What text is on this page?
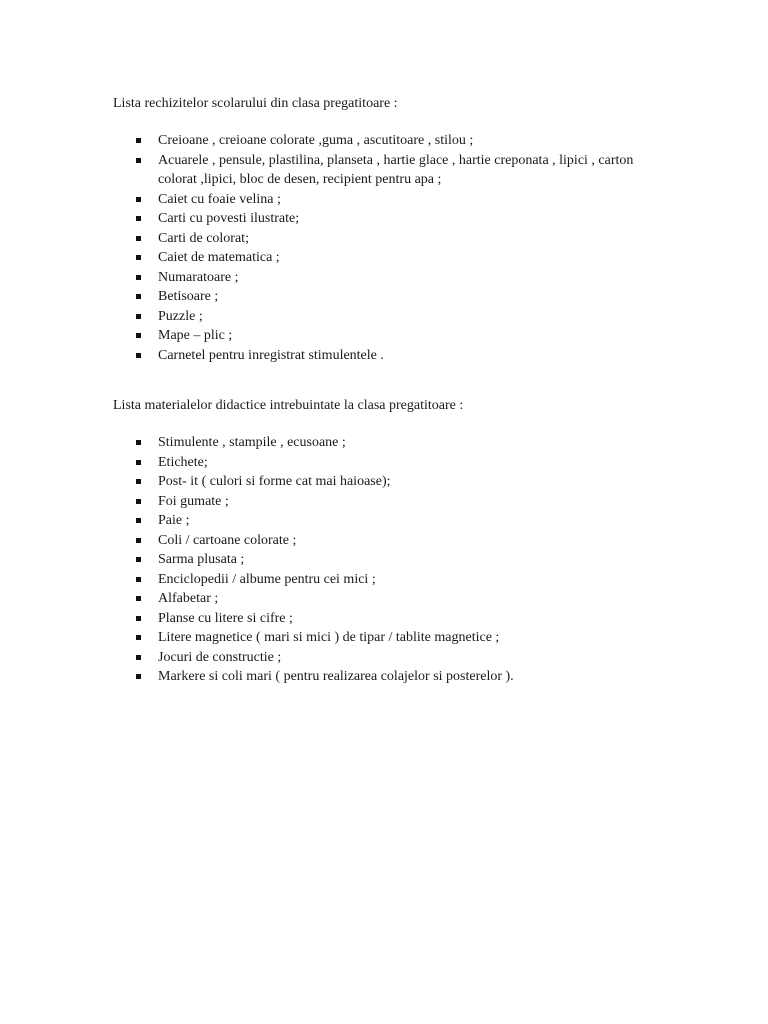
Lista rechizitelor scolarului din clasa pregatitoare :

Creioane , creioane colorate ,guma , ascutitoare , stilou ;
Acuarele , pensule, plastilina, planseta , hartie glace , hartie creponata , lipici , carton colorat ,lipici, bloc de desen, recipient pentru apa ;
Caiet cu foaie velina ;
Carti cu povesti ilustrate;
Carti de colorat;
Caiet de matematica ;
Numaratoare ;
Betisoare ;
Puzzle ;
Mape – plic ;
Carnetel pentru inregistrat stimulentele .

Lista materialelor didactice intrebuintate la clasa pregatitoare :

Stimulente , stampile , ecusoane ;
Etichete;
Post- it ( culori si forme cat mai haioase);
Foi gumate ;
Paie ;
Coli / cartoane colorate ;
Sarma plusata ;
Enciclopedii / albume pentru cei mici ;
Alfabetar ;
Planse cu litere si cifre ;
Litere magnetice ( mari si mici ) de tipar / tablite magnetice ;
Jocuri de constructie ;
Markere si coli mari ( pentru realizarea colajelor si posterelor ).
